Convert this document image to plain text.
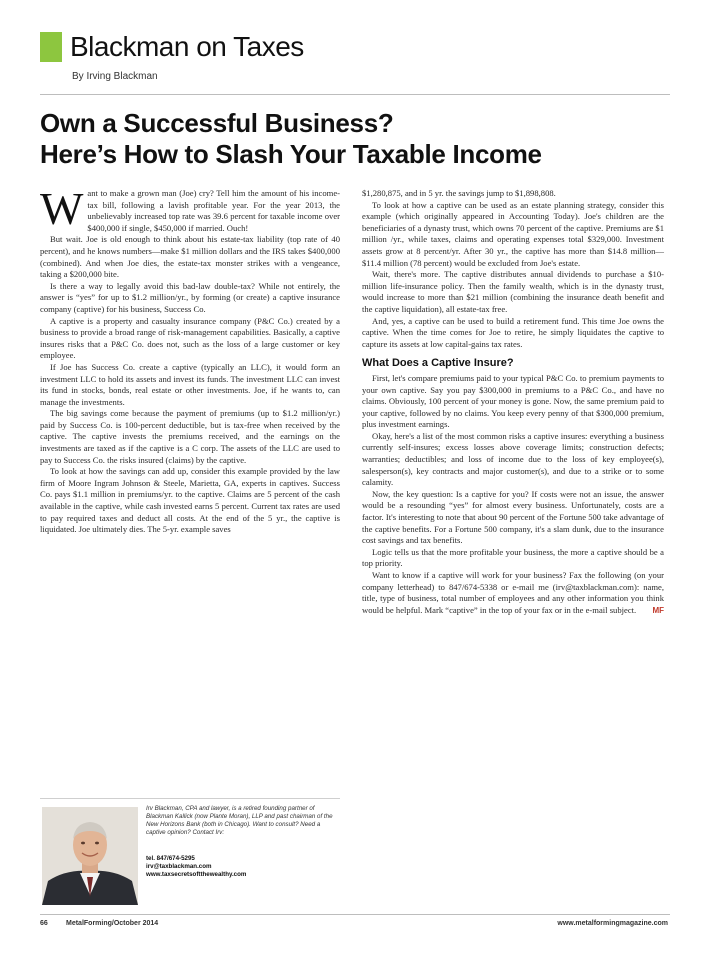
Blackman on Taxes
By Irving Blackman
Own a Successful Business?
Here’s How to Slash Your Taxable Income

Want to make a grown man (Joe) cry? Tell him the amount of his income-tax bill, following a lavish profitable year. For the year 2013, the unbelievably increased top rate was 39.6 percent for taxable income over $400,000 if single, $450,000 if married. Ouch!

But wait. Joe is old enough to think about his estate-tax liability (top rate of 40 percent), and he knows numbers—make $1 million dollars and the IRS takes $400,000 (combined). And when Joe dies, the estate-tax monster strikes with a vengeance, taking a $200,000 bite.

Is there a way to legally avoid this bad-law double-tax? While not entirely, the answer is “yes” for up to $1.2 million/yr., by forming (or create) a captive insurance company (captive) for his business, Success Co.

A captive is a property and casualty insurance company (P&C Co.) created by a business to provide a broad range of risk-management capabilities. Basically, a captive insures risks that a P&C Co. does not, such as the loss of a large customer or key employee.

If Joe has Success Co. create a captive (typically an LLC), it would form an investment LLC to hold its assets and invest its funds. The investment LLC can invest its fund in stocks, bonds, real estate or other investments. Joe, if he wants to, can manage the investments.

The big savings come because the payment of premiums (up to $1.2 million/yr.) paid by Success Co. is 100-percent deductible, but is tax-free when received by the captive. The captive invests the premiums received, and the earnings on the investments are taxed as if the captive is a C corp. The assets of the LLC are used to pay to Success Co. the risks insured (claims) by the captive.

To look at how the savings can add up, consider this example provided by the law firm of Moore Ingram Johnson & Steele, Marietta, GA, experts in captives. Success Co. pays $1.1 million in premiums/yr. to the captive. Claims are 5 percent of the cash available in the captive, while cash invested earns 5 percent. Current tax rates are used to pay required taxes and deduct all costs. At the end of the 5 yr., the captive is liquidated. Joe ultimately dies. The 5-yr. example saves

$1,280,875, and in 5 yr. the savings jump to $1,898,808.

To look at how a captive can be used as an estate planning strategy, consider this example (which originally appeared in Accounting Today). Joe's children are the beneficiaries of a dynasty trust, which owns 70 percent of the captive. Premiums are $1 million /yr., while taxes, claims and operating expenses total $329,000. Investment assets grow at 8 percent/yr. After 30 yr., the captive has more than $14.8 million—$11.4 million (78 percent) would be excluded from Joe's estate.

Wait, there's more. The captive distributes annual dividends to purchase a $10-million life-insurance policy. Then the family wealth, which is in the dynasty trust, would increase to more than $21 million (combining the insurance death benefit and the captive liquidation), all estate-tax free.

And, yes, a captive can be used to build a retirement fund. This time Joe owns the captive. When the time comes for Joe to retire, he simply liquidates the captive to capture its assets at low capital-gains tax rates.

What Does a Captive Insure?

First, let's compare premiums paid to your typical P&C Co. to premium payments to your own captive. Say you pay $300,000 in premiums to a P&C Co., and have no claims. Obviously, 100 percent of your money is gone. Now, the same premium paid to your captive, followed by no claims. You keep every penny of that $300,000 premium, plus investment earnings.

Okay, here's a list of the most common risks a captive insures: everything a business currently self-insures; excess losses above coverage limits; construction defects; warranties; deductibles; and loss of income due to the loss of key employee(s), salesperson(s), key contracts and major customer(s), and due to a strike or to some calamity.

Now, the key question: Is a captive for you? If costs were not an issue, the answer would be a resounding “yes” for almost every business. Unfortunately, costs are a factor. It's interesting to note that about 90 percent of the Fortune 500 take advantage of the captive benefits. For a Fortune 500 company, it's a slam dunk, due to the insurance cost savings and tax benefits.

Logic tells us that the more profitable your business, the more a captive should be a top priority.

Want to know if a captive will work for your business? Fax the following (on your company letterhead) to 847/674-5338 or e-mail me (irv@taxblackman.com): name, title, type of business, total number of employees and any other information you think would be helpful. Mark “captive” in the top of your fax or in the e-mail subject.	MF

Irv Blackman, CPA and lawyer, is a retired founding partner of Blackman Kallick (now Plante Moran), LLP and past chairman of the New Horizons Bank (both in Chicago). Want to consult? Need a captive opinion? Contact Irv:
tel. 847/674-5295
irv@taxblackman.com
www.taxsecretsoftthewealthy.com
66	MetalForming/October 2014	www.metalformingmagazine.com
